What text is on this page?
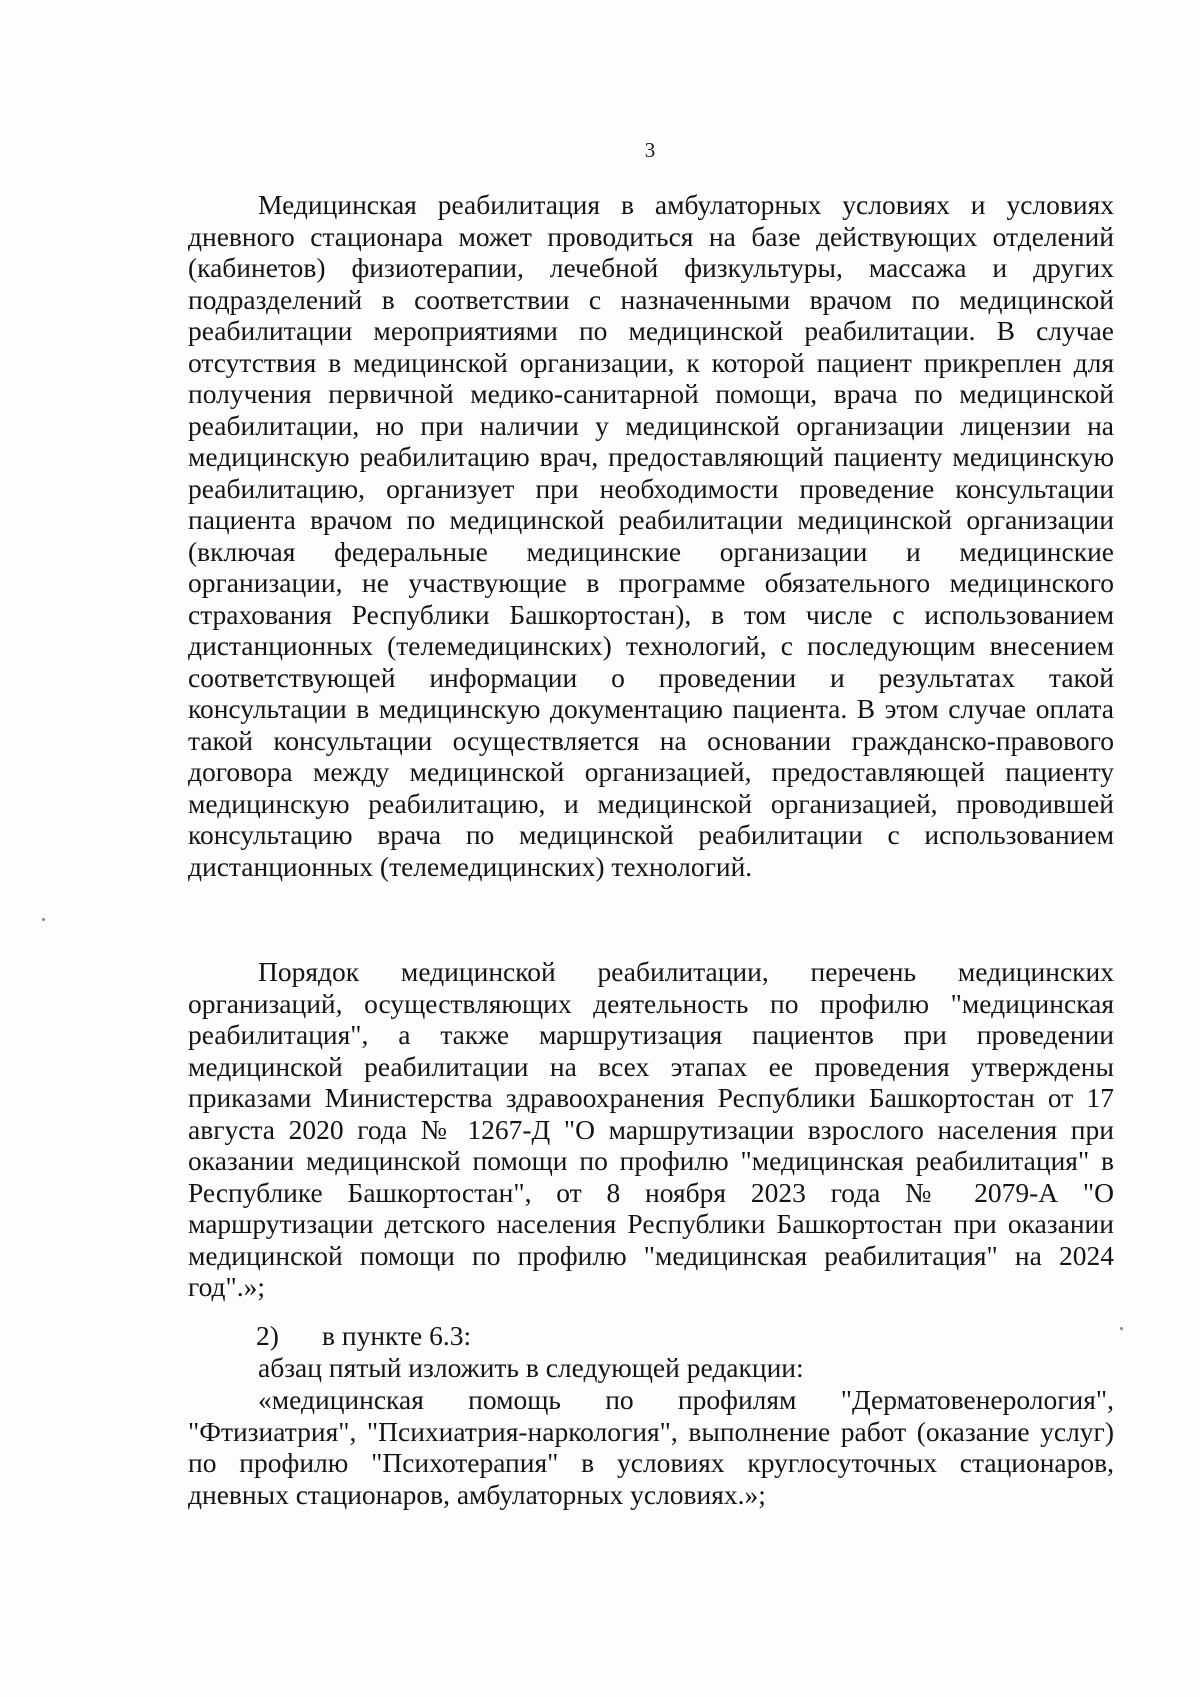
3

Медицинская реабилитация в амбулаторных условиях и условиях дневного стационара может проводиться на базе действующих отделений (кабинетов) физиотерапии, лечебной физкультуры, массажа и других подразделений в соответствии с назначенными врачом по медицинской реабилитации мероприятиями по медицинской реабилитации. В случае отсутствия в медицинской организации, к которой пациент прикреплен для получения первичной медико-санитарной помощи, врача по медицинской реабилитации, но при наличии у медицинской организации лицензии на медицинскую реабилитацию врач, предоставляющий пациенту медицинскую реабилитацию, организует при необходимости проведение консультации пациента врачом по медицинской реабилитации медицинской организации (включая федеральные медицинские организации и медицинские организации, не участвующие в программе обязательного медицинского страхования Республики Башкортостан), в том числе с использованием дистанционных (телемедицинских) технологий, с последующим внесением соответствующей информации о проведении и результатах такой консультации в медицинскую документацию пациента. В этом случае оплата такой консультации осуществляется на основании гражданско-правового договора между медицинской организацией, предоставляющей пациенту медицинскую реабилитацию, и медицинской организацией, проводившей консультацию врача по медицинской реабилитации с использованием дистанционных (телемедицинских) технологий.

Порядок медицинской реабилитации, перечень медицинских организаций, осуществляющих деятельность по профилю "медицинская реабилитация", а также маршрутизация пациентов при проведении медицинской реабилитации на всех этапах ее проведения утверждены приказами Министерства здравоохранения Республики Башкортостан от 17 августа 2020 года № 1267-Д "О маршрутизации взрослого населения при оказании медицинской помощи по профилю "медицинская реабилитация" в Республике Башкортостан", от 8 ноября 2023 года № 2079-А "О маршрутизации детского населения Республики Башкортостан при оказании медицинской помощи по профилю "медицинская реабилитация" на 2024 год".»;

2) в пункте 6.3:

абзац пятый изложить в следующей редакции:

«медицинская помощь по профилям "Дерматовенерология", "Фтизиатрия", "Психиатрия-наркология", выполнение работ (оказание услуг) по профилю "Психотерапия" в условиях круглосуточных стационаров, дневных стационаров, амбулаторных условиях.»;
